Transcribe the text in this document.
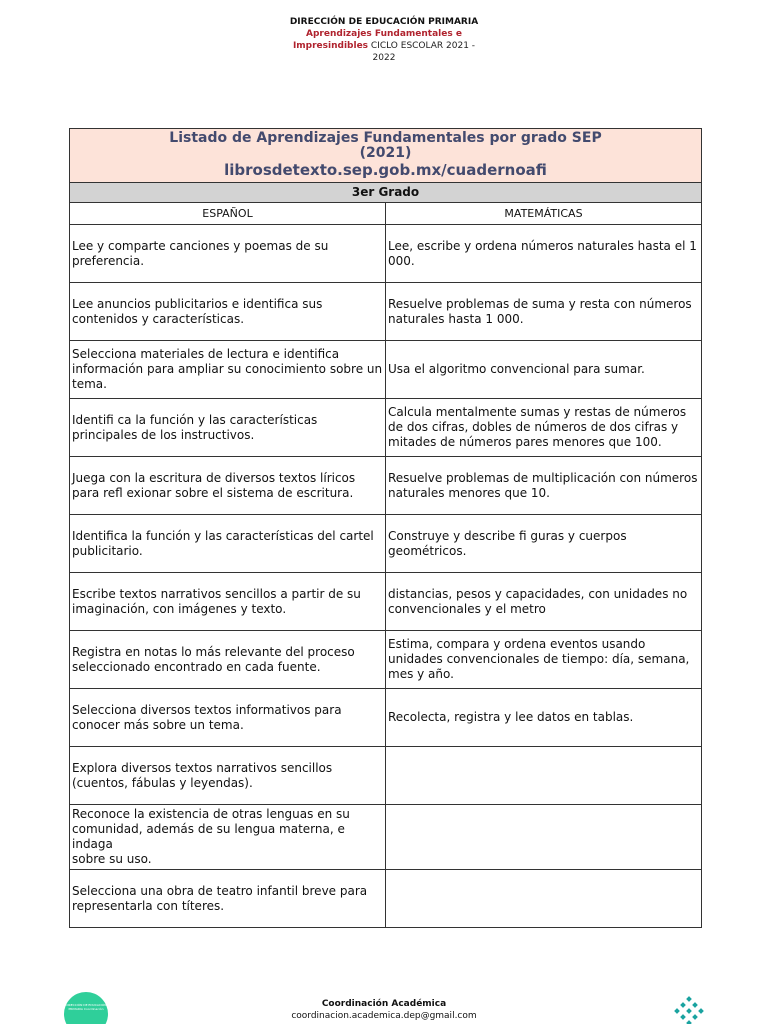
DIRECCIÓN DE EDUCACIÓN PRIMARIA
Aprendizajes Fundamentales e
Impresindibles CICLO ESCOLAR 2021 -
2022
Listado de Aprendizajes Fundamentales por grado SEP
(2021)
librosdetexto.sep.gob.mx/cuadernoafi	

3er Grado	
ESPAÑOL	MATEMÁTICAS
Lee y comparte canciones y poemas de su preferencia.	Lee, escribe y ordena números naturales hasta el 1 000.
Lee anuncios publicitarios e identifica sus contenidos y características.	Resuelve problemas de suma y resta con números naturales hasta 1 000.
Selecciona materiales de lectura e identifica información para ampliar su conocimiento sobre un
tema.	Usa el algoritmo convencional para sumar.
Identifi ca la función y las características principales de los instructivos.	Calcula mentalmente sumas y restas de números de dos cifras, dobles de números de dos cifras y mitades de números pares menores que 100.
Juega con la escritura de diversos textos líricos para refl exionar sobre el sistema de escritura.	Resuelve problemas de multiplicación con números naturales menores que 10.
Identifica la función y las características del cartel publicitario.	Construye y describe fi guras y cuerpos geométricos.
Escribe textos narrativos sencillos a partir de su imaginación, con imágenes y texto.	distancias, pesos y capacidades, con unidades no convencionales y el metro
Registra en notas lo más relevante del proceso seleccionado encontrado en cada fuente.	Estima, compara y ordena eventos usando unidades convencionales de tiempo: día, semana, mes y año.
Selecciona diversos textos informativos para conocer más sobre un tema.	Recolecta, registra y lee datos en tablas.
Explora diversos textos narrativos sencillos (cuentos, fábulas y leyendas).	
Reconoce la existencia de otras lenguas en su comunidad, además de su lengua materna, e indaga
sobre su uso.	
Selecciona una obra de teatro infantil breve para representarla con títeres.	
DIRECCIÓN DE EDUCACIÓN PRIMARIA Coordinación	Coordinación Académica
coordinacion.academica.dep@gmail.com
